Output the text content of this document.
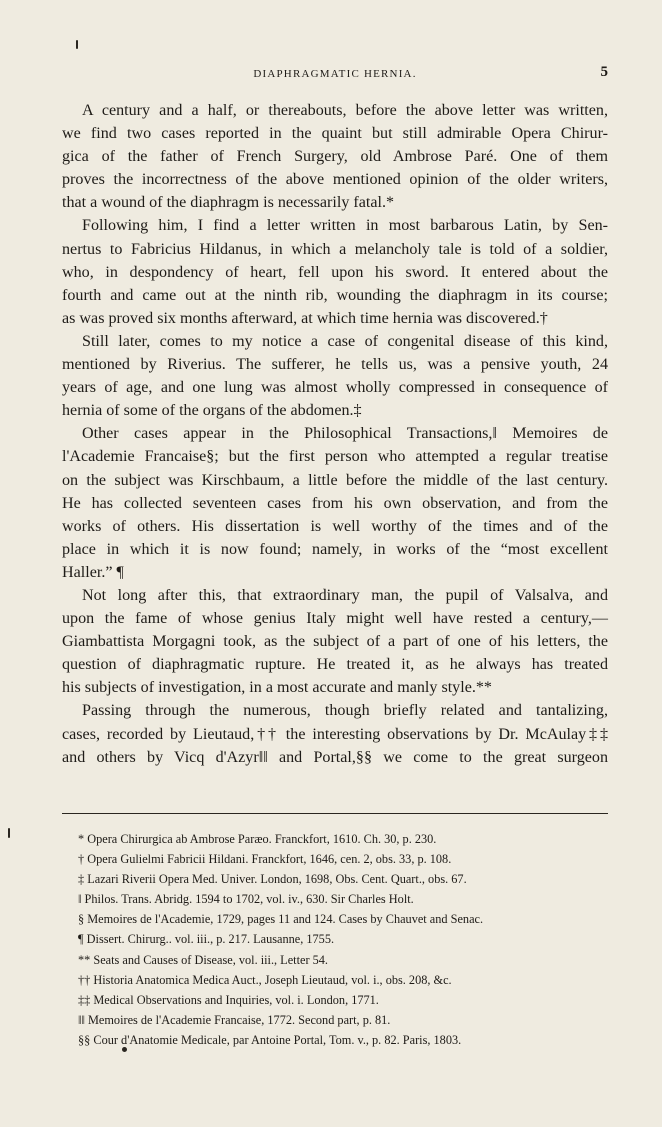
DIAPHRAGMATIC HERNIA.	5
A century and a half, or thereabouts, before the above letter was written,
we find two cases reported in the quaint but still admirable Opera Chirur-
gica of the father of French Surgery, old Ambrose Paré. One of them
proves the incorrectness of the above mentioned opinion of the older writers,
that a wound of the diaphragm is necessarily fatal.*
Following him, I find a letter written in most barbarous Latin, by Sen-
nertus to Fabricius Hildanus, in which a melancholy tale is told of a soldier,
who, in despondency of heart, fell upon his sword. It entered about the
fourth and came out at the ninth rib, wounding the diaphragm in its course;
as was proved six months afterward, at which time hernia was discovered.†
Still later, comes to my notice a case of congenital disease of this kind,
mentioned by Riverius. The sufferer, he tells us, was a pensive youth, 24
years of age, and one lung was almost wholly compressed in consequence of
hernia of some of the organs of the abdomen.‡
Other cases appear in the Philosophical Transactions,‖ Memoires de
l'Academie Francaise§; but the first person who attempted a regular treatise
on the subject was Kirschbaum, a little before the middle of the last century.
He has collected seventeen cases from his own observation, and from the
works of others. His dissertation is well worthy of the times and of the
place in which it is now found; namely, in works of the “most excellent
Haller.” ¶
Not long after this, that extraordinary man, the pupil of Valsalva, and
upon the fame of whose genius Italy might well have rested a century,—
Giambattista Morgagni took, as the subject of a part of one of his letters, the
question of diaphragmatic rupture. He treated it, as he always has treated
his subjects of investigation, in a most accurate and manly style.**
Passing through the numerous, though briefly related and tantalizing,
cases, recorded by Lieutaud,†† the interesting observations by Dr. McAulay‡‡
and others by Vicq d'Azyr‖‖ and Portal,§§ we come to the great surgeon
* Opera Chirurgica ab Ambrose Paræo. Franckfort, 1610. Ch. 30, p. 230.
† Opera Gulielmi Fabricii Hildani. Franckfort, 1646, cen. 2, obs. 33, p. 108.
‡ Lazari Riverii Opera Med. Univer. London, 1698, Obs. Cent. Quart., obs. 67.
‖ Philos. Trans. Abridg. 1594 to 1702, vol. iv., 630. Sir Charles Holt.
§ Memoires de l'Academie, 1729, pages 11 and 124. Cases by Chauvet and Senac.
¶ Dissert. Chirurg.. vol. iii., p. 217. Lausanne, 1755.
** Seats and Causes of Disease, vol. iii., Letter 54.
†† Historia Anatomica Medica Auct., Joseph Lieutaud, vol. i., obs. 208, &c.
‡‡ Medical Observations and Inquiries, vol. i. London, 1771.
‖‖ Memoires de l'Academie Francaise, 1772. Second part, p. 81.
§§ Cour d'Anatomie Medicale, par Antoine Portal, Tom. v., p. 82. Paris, 1803.
